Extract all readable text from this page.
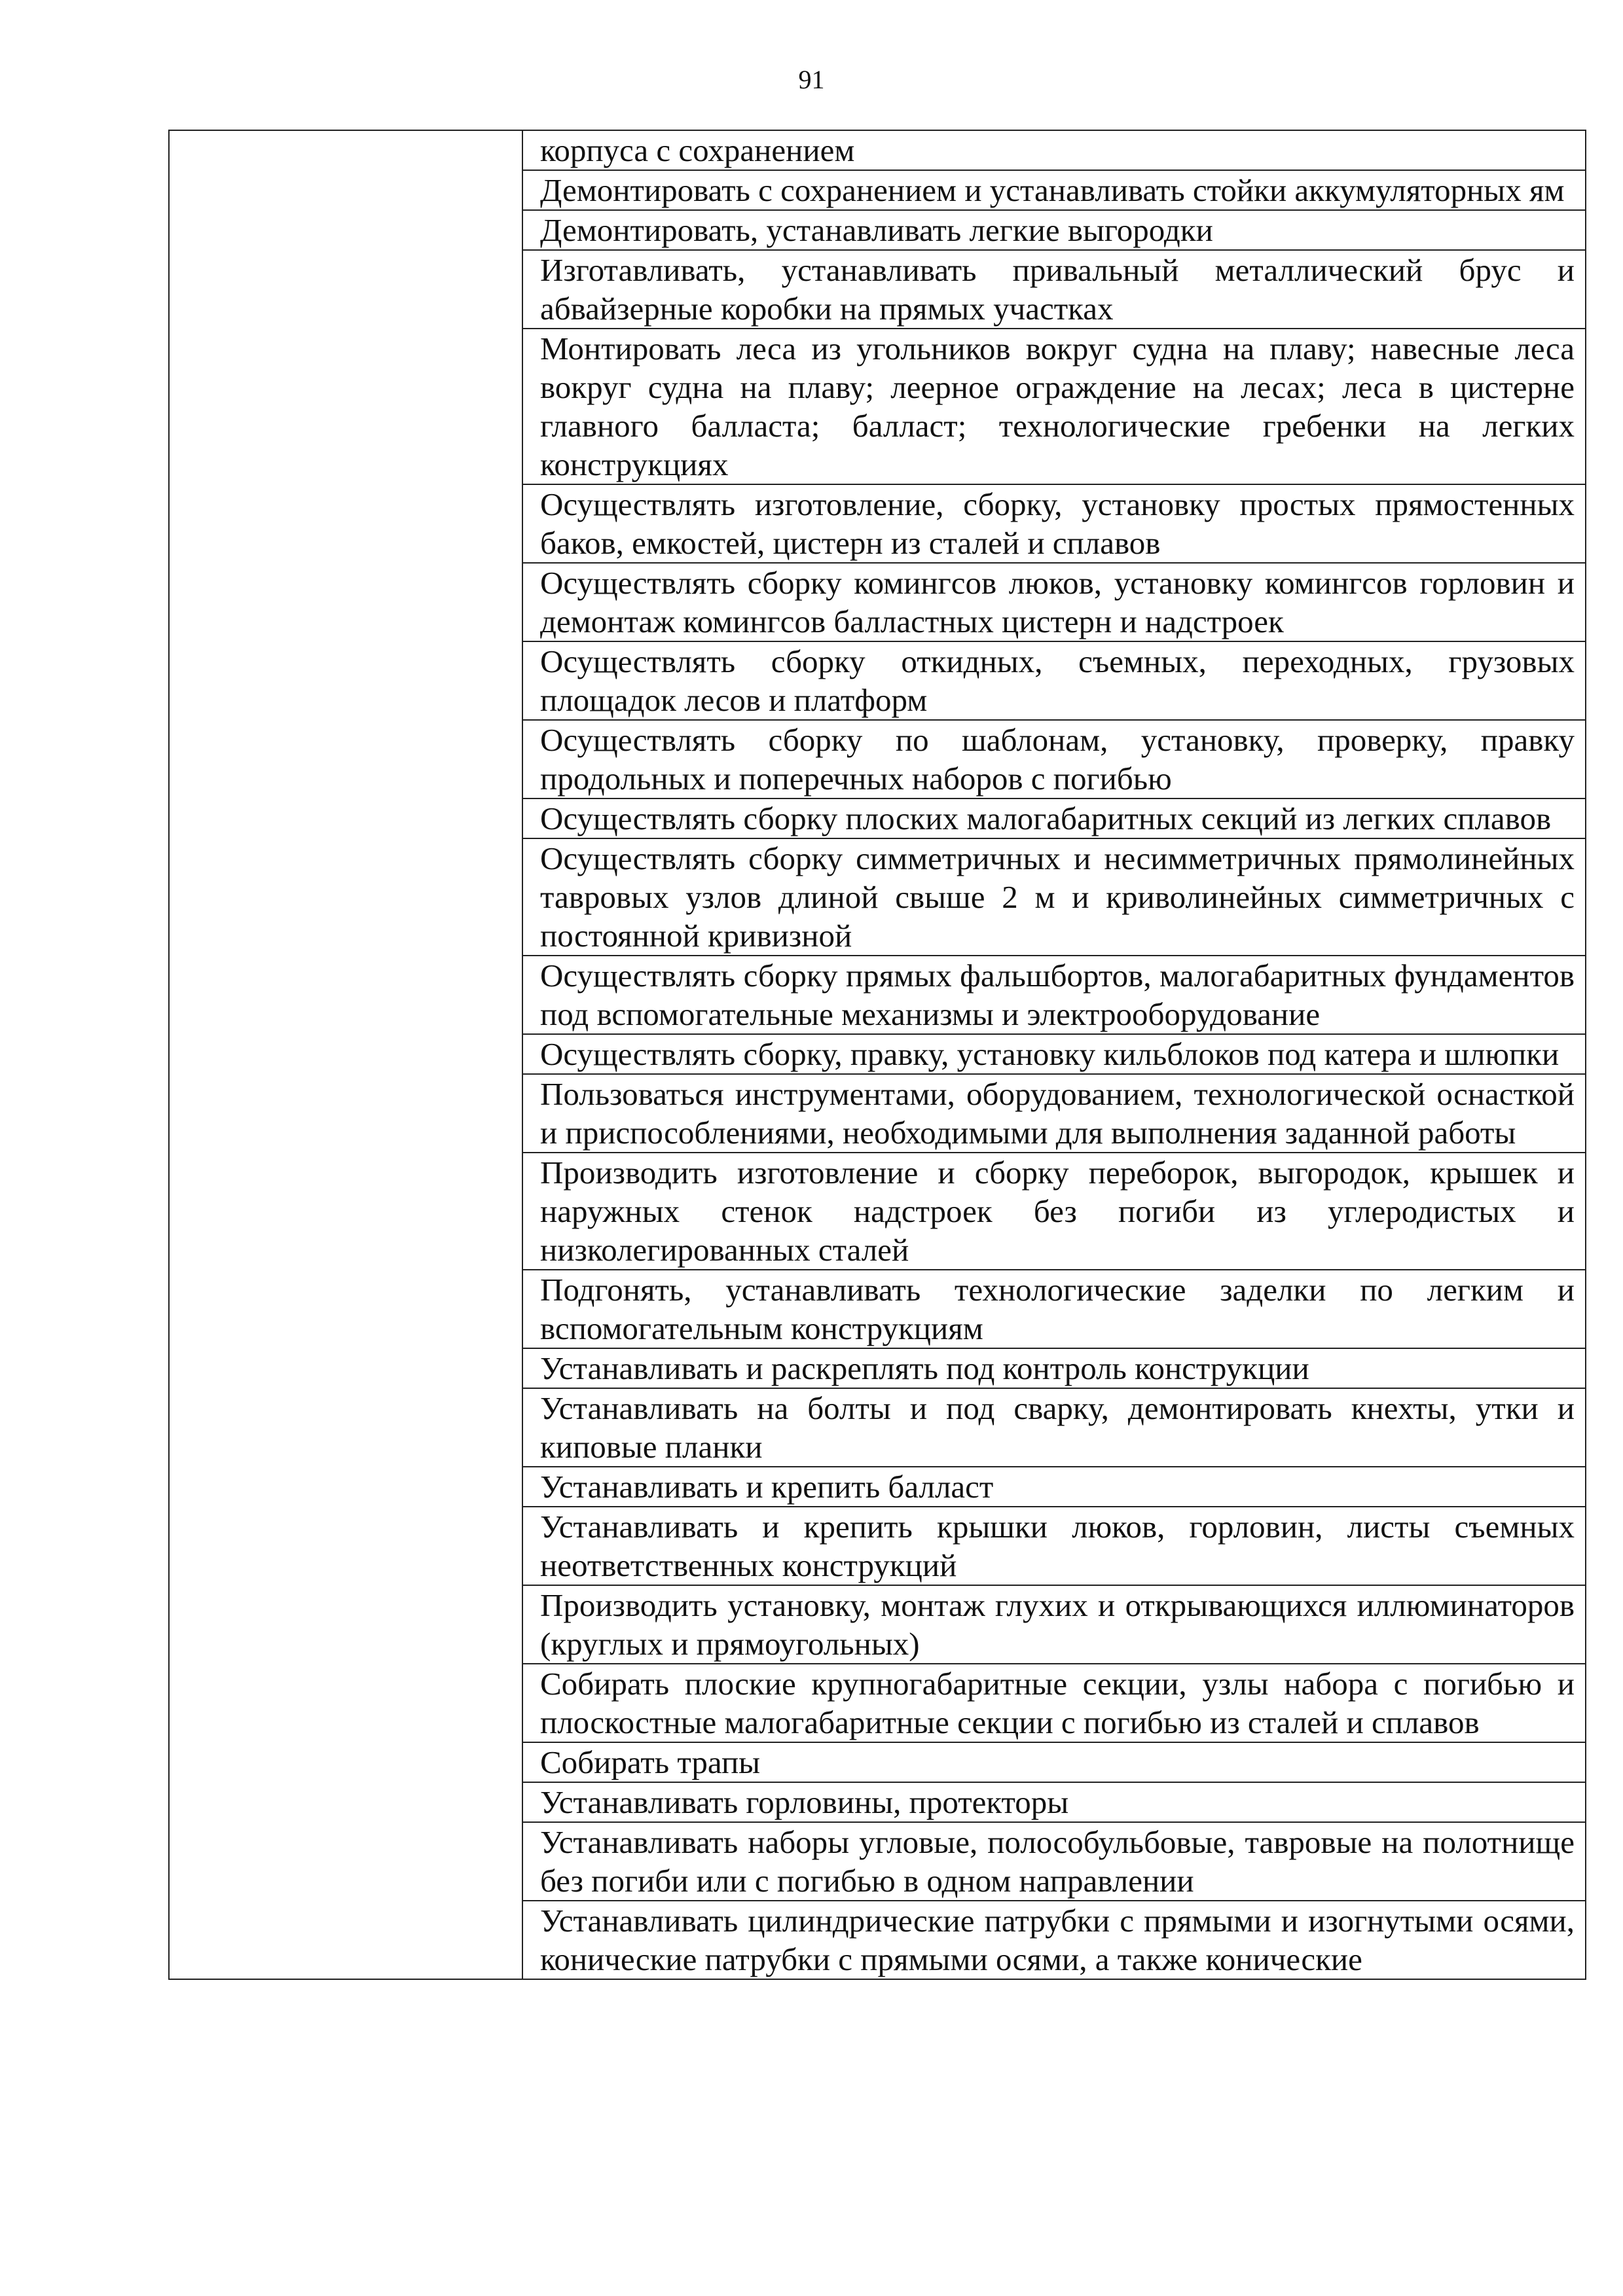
91

корпуса с сохранением

Демонтировать с сохранением и устанавливать стойки аккумуляторных ям

Демонтировать, устанавливать легкие выгородки

Изготавливать, устанавливать привальный металлический брус и абвайзерные коробки на прямых участках

Монтировать леса из угольников вокруг судна на плаву; навесные леса вокруг судна на плаву; леерное ограждение на лесах; леса в цистерне главного балласта; балласт; технологические гребенки на легких конструкциях

Осуществлять изготовление, сборку, установку простых прямостенных баков, емкостей, цистерн из сталей и сплавов

Осуществлять сборку комингсов люков, установку комингсов горловин и демонтаж комингсов балластных цистерн и надстроек

Осуществлять сборку откидных, съемных, переходных, грузовых площадок лесов и платформ

Осуществлять сборку по шаблонам, установку, проверку, правку продольных и поперечных наборов с погибью

Осуществлять сборку плоских малогабаритных секций из легких сплавов

Осуществлять сборку симметричных и несимметричных прямолинейных тавровых узлов длиной свыше 2 м и криволинейных симметричных с постоянной кривизной

Осуществлять сборку прямых фальшбортов, малогабаритных фундаментов под вспомогательные механизмы и электрооборудование

Осуществлять сборку, правку, установку кильблоков под катера и шлюпки

Пользоваться инструментами, оборудованием, технологической оснасткой и приспособлениями, необходимыми для выполнения заданной работы

Производить изготовление и сборку переборок, выгородок, крышек и наружных стенок надстроек без погиби из углеродистых и низколегированных сталей

Подгонять, устанавливать технологические заделки по легким и вспомогательным конструкциям

Устанавливать и раскреплять под контроль конструкции

Устанавливать на болты и под сварку, демонтировать кнехты, утки и киповые планки

Устанавливать и крепить балласт

Устанавливать и крепить крышки люков, горловин, листы съемных неответственных конструкций

Производить установку, монтаж глухих и открывающихся иллюминаторов (круглых и прямоугольных)

Собирать плоские крупногабаритные секции, узлы набора с погибью и плоскостные малогабаритные секции с погибью из сталей и сплавов

Собирать трапы

Устанавливать горловины, протекторы

Устанавливать наборы угловые, полособульбовые, тавровые на полотнище без погиби или с погибью в одном направлении

Устанавливать цилиндрические патрубки с прямыми и изогнутыми осями, конические патрубки с прямыми осями, а также конические
